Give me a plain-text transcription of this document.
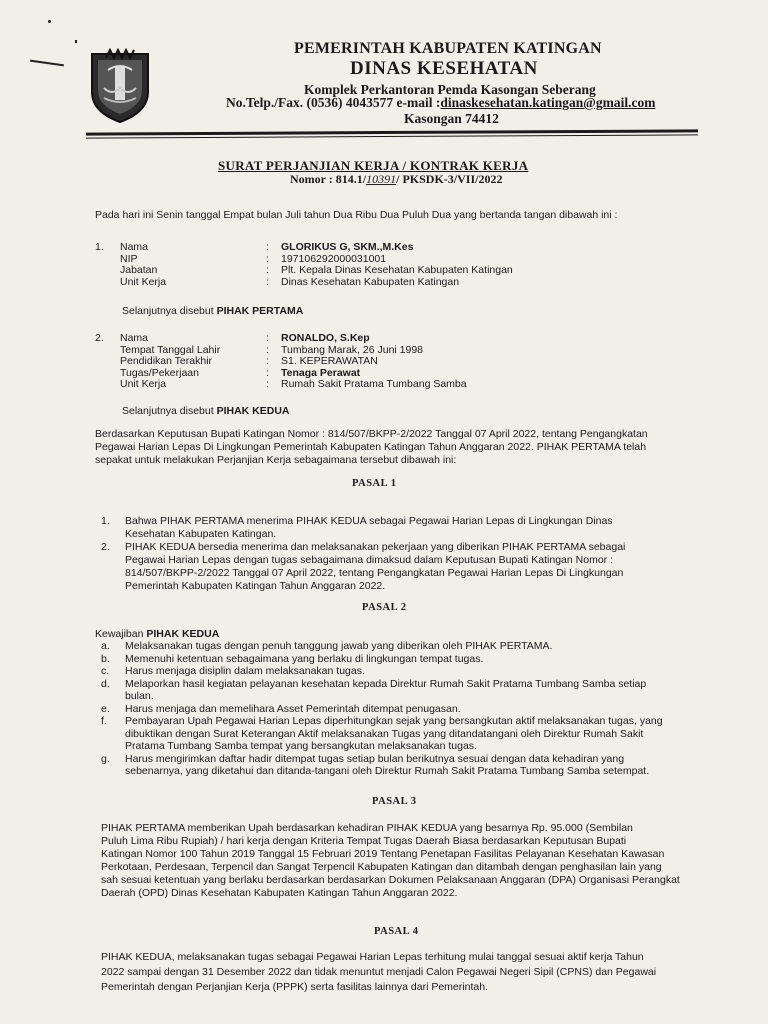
PEMERINTAH KABUPATEN KATINGAN
DINAS KESEHATAN
Komplek Perkantoran Pemda Kasongan Seberang
No.Telp./Fax. (0536) 4043577 e-mail :dinaskesehatan.katingan@gmail.com
Kasongan 74412
SURAT PERJANJIAN KERJA / KONTRAK KERJA
Nomor : 814.1/10391/ PKSDK-3/VII/2022
Pada hari ini Senin tanggal Empat bulan Juli tahun Dua Ribu Dua Puluh Dua yang bertanda tangan dibawah ini :
1. Nama	: GLORIKUS G, SKM.,M.Kes
NIP	: 197106292000031001
Jabatan	: Plt. Kepala Dinas Kesehatan Kabupaten Katingan
Unit Kerja	: Dinas Kesehatan Kabupaten Katingan
Selanjutnya disebut PIHAK PERTAMA
2. Nama	: RONALDO, S.Kep
Tempat Tanggal Lahir	: Tumbang Marak, 26 Juni 1998
Pendidikan Terakhir	: S1. KEPERAWATAN
Tugas/Pekerjaan	: Tenaga Perawat
Unit Kerja	: Rumah Sakit Pratama Tumbang Samba
Selanjutnya disebut PIHAK KEDUA
Berdasarkan Keputusan Bupati Katingan Nomor : 814/507/BKPP-2/2022 Tanggal 07 April 2022, tentang Pengangkatan
Pegawai Harian Lepas Di Lingkungan Pemerintah Kabupaten Katingan Tahun Anggaran 2022. PIHAK PERTAMA telah
sepakat untuk melakukan Perjanjian Kerja sebagaimana tersebut dibawah ini:
PASAL 1
1. Bahwa PIHAK PERTAMA menerima PIHAK KEDUA sebagai Pegawai Harian Lepas di Lingkungan Dinas
Kesehatan Kabupaten Katingan.
2. PIHAK KEDUA bersedia menerima dan melaksanakan pekerjaan yang diberikan PIHAK PERTAMA sebagai
Pegawai Harian Lepas dengan tugas sebagaimana dimaksud dalam Keputusan Bupati Katingan Nomor :
814/507/BKPP-2/2022 Tanggal 07 April 2022, tentang Pengangkatan Pegawai Harian Lepas Di Lingkungan
Pemerintah Kabupaten Katingan Tahun Anggaran 2022.
PASAL 2
Kewajiban PIHAK KEDUA
a. Melaksanakan tugas dengan penuh tanggung jawab yang diberikan oleh PIHAK PERTAMA.
b. Memenuhi ketentuan sebagaimana yang berlaku di lingkungan tempat tugas.
c. Harus menjaga disiplin dalam melaksanakan tugas.
d. Melaporkan hasil kegiatan pelayanan kesehatan kepada Direktur Rumah Sakit Pratama Tumbang Samba setiap
bulan.
e. Harus menjaga dan memelihara Asset Pemerintah ditempat penugasan.
f. Pembayaran Upah Pegawai Harian Lepas diperhitungkan sejak yang bersangkutan aktif melaksanakan tugas, yang
dibuktikan dengan Surat Keterangan Aktif melaksanakan Tugas yang ditandatangani oleh Direktur Rumah Sakit
Pratama Tumbang Samba tempat yang bersangkutan melaksanakan tugas.
g. Harus mengirimkan daftar hadir ditempat tugas setiap bulan berikutnya sesuai dengan data kehadiran yang
sebenarnya, yang diketahui dan ditanda-tangani oleh Direktur Rumah Sakit Pratama Tumbang Samba setempat.
PASAL 3
PIHAK PERTAMA memberikan Upah berdasarkan kehadiran PIHAK KEDUA yang besarnya Rp. 95.000 (Sembilan
Puluh Lima Ribu Rupiah) / hari kerja dengan Kriteria Tempat Tugas Daerah Biasa berdasarkan Keputusan Bupati
Katingan Nomor 100 Tahun 2019 Tanggal 15 Februari 2019 Tentang Penetapan Fasilitas Pelayanan Kesehatan Kawasan
Perkotaan, Perdesaan, Terpencil dan Sangat Terpencil Kabupaten Katingan dan ditambah dengan penghasilan lain yang
sah sesuai ketentuan yang berlaku berdasarkan berdasarkan Dokumen Pelaksanaan Anggaran (DPA) Organisasi Perangkat
Daerah (OPD) Dinas Kesehatan Kabupaten Katingan Tahun Anggaran 2022.
PASAL 4
PIHAK KEDUA, melaksanakan tugas sebagai Pegawai Harian Lepas terhitung mulai tanggal sesuai aktif kerja Tahun
2022 sampai dengan 31 Desember 2022 dan tidak menuntut menjadi Calon Pegawai Negeri Sipil (CPNS) dan Pegawai
Pemerintah dengan Perjanjian Kerja (PPPK) serta fasilitas lainnya dari Pemerintah.
